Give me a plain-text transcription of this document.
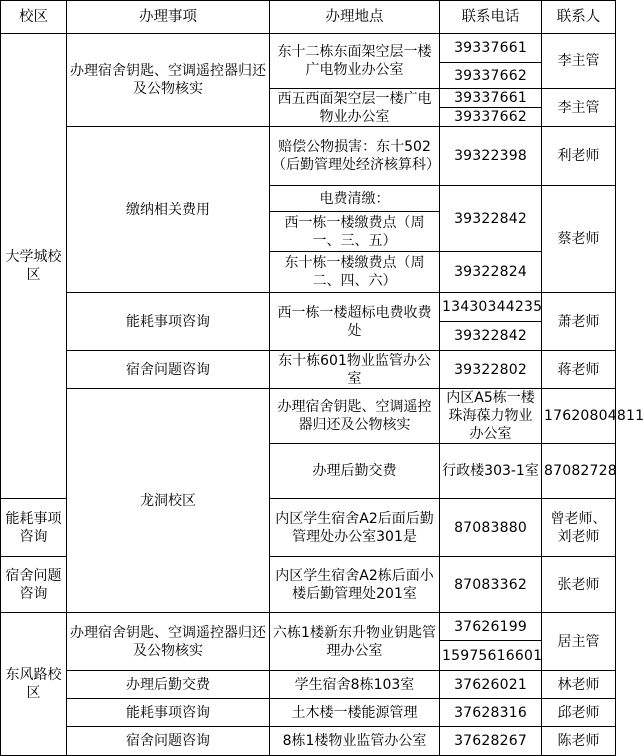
校区	办理事项	办理地点	联系电话	联系人	
大学城校区	办理宿舍钥匙、空调遥控器归还及公物核实	东十二栋东面架空层一楼广电物业办公室	39337661	李主管	
			39337662		
		西五西面架空层一楼广电物业办公室	39337661	李主管	
			39337662		
	缴纳相关费用	赔偿公物损害：东十502（后勤管理处经济核算科）	39322398	利老师	
		电费清缴：	39322842	蔡老师	
		西一栋一楼缴费点（周一、三、五）			
		东十栋一楼缴费点（周二、四、六）	39322824		
	能耗事项咨询	西一栋一楼超标电费收费处	13430344235	萧老师	
			39322842		
	宿舍问题咨询	东十栋601物业监管办公室	39322802	蒋老师	
	龙洞校区	办理宿舍钥匙、空调遥控器归还及公物核实	内区A5栋一楼珠海葆力物业办公室	17620804811	
		办理后勤交费	行政楼303-1室	87082728	
能耗事项咨询		内区学生宿舍A2后面后勤管理处办公室301是	87083880	曾老师、刘老师	
宿舍问题咨询		内区学生宿舍A2栋后面小楼后勤管理处201室	87083362	张老师	
东风路校区	办理宿舍钥匙、空调遥控器归还及公物核实	六栋1楼新东升物业钥匙管理办公室	37626199	居主管	
			15975616601		
	办理后勤交费	学生宿舍8栋103室	37626021	林老师	
	能耗事项咨询	土木楼一楼能源管理	37628316	邱老师	
	宿舍问题咨询	8栋1楼物业监管办公室	37628267	陈老师	
